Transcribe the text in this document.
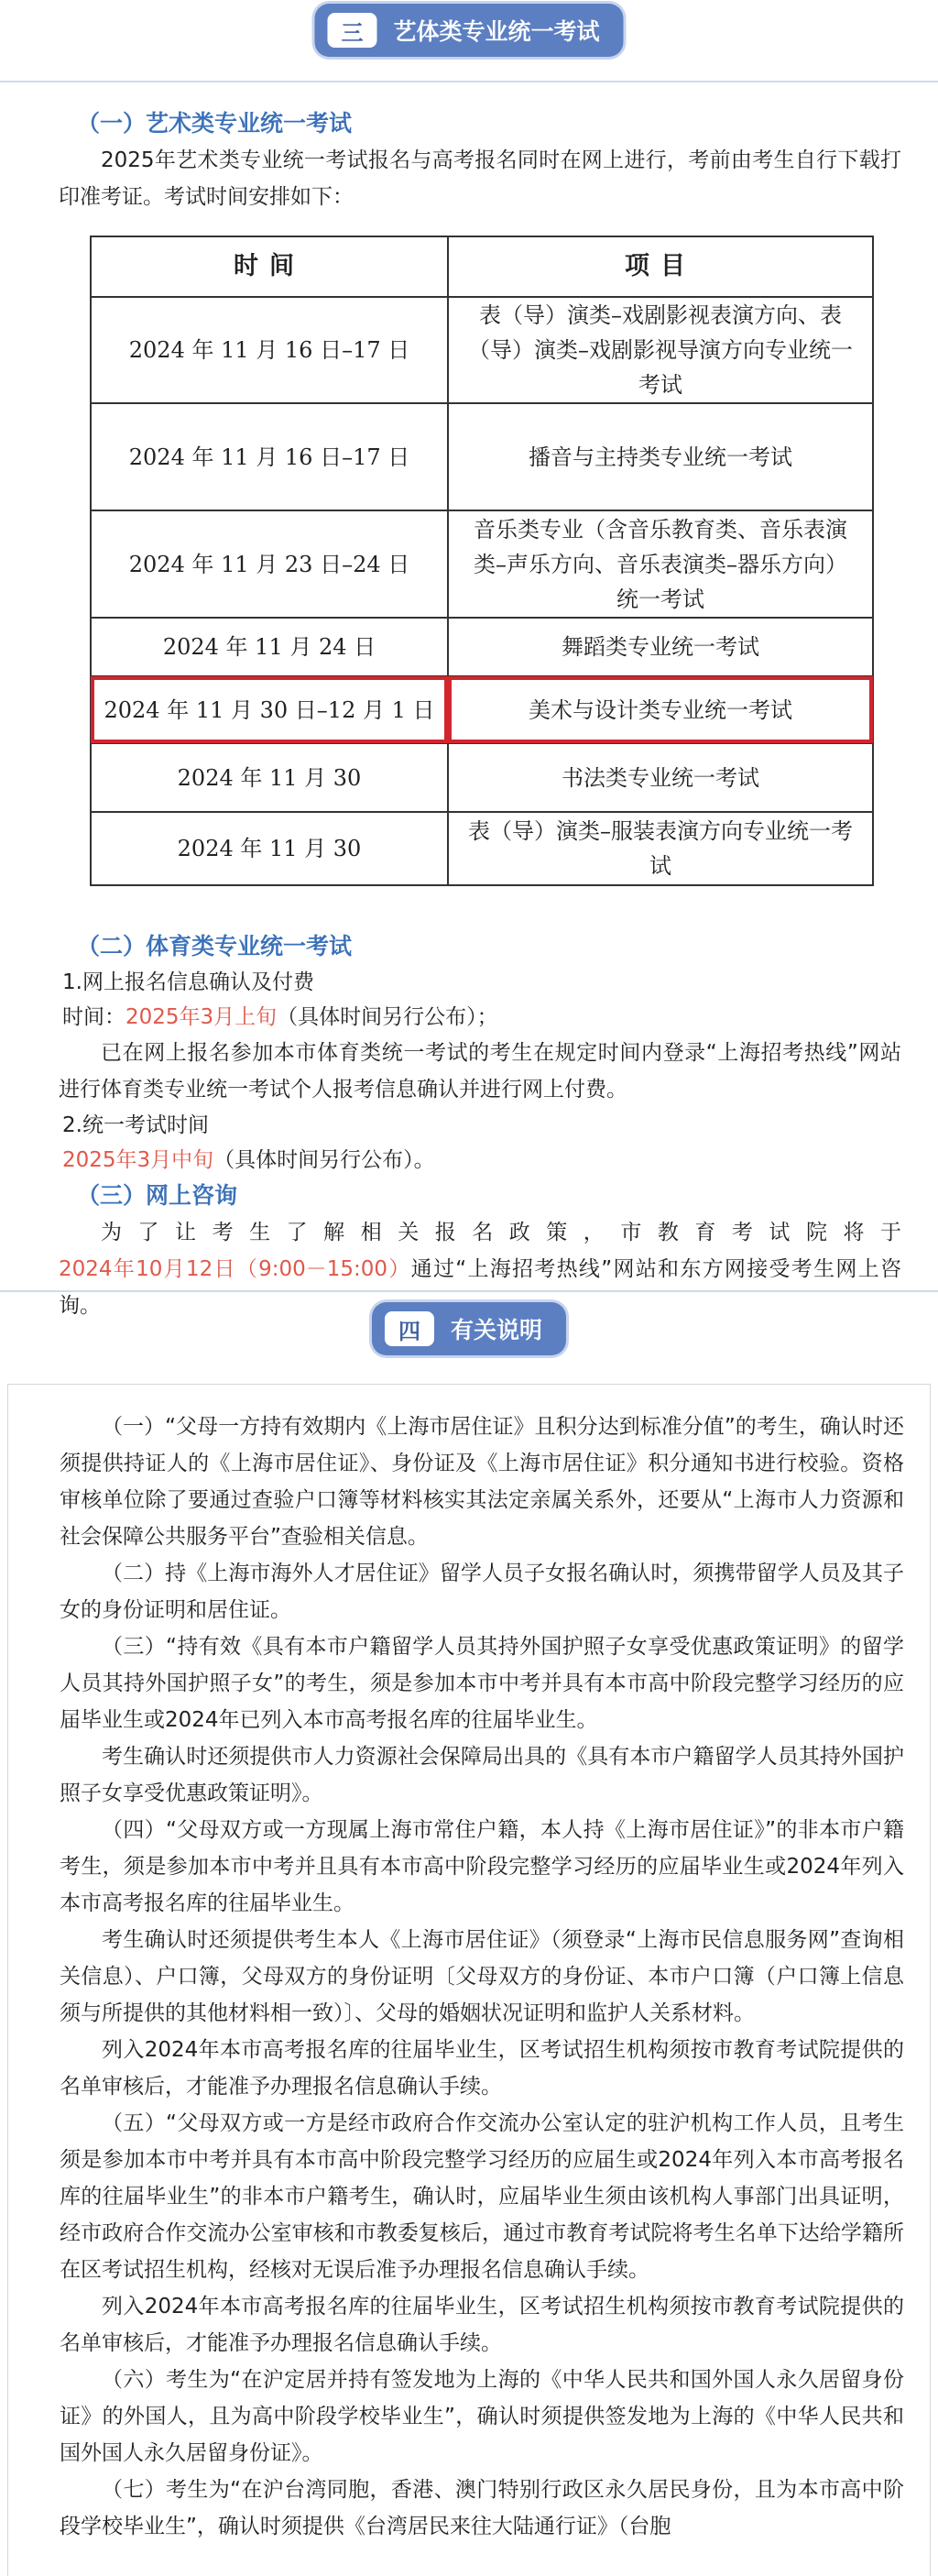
三	艺体类专业统一考试
（一）艺术类专业统一考试
2025年艺术类专业统一考试报名与高考报名同时在网上进行，考前由考生自行下载打印准考证。考试时间安排如下：
时间	项目
2024 年 11 月 16 日–17 日	表（导）演类–戏剧影视表演方向、表（导）演类–戏剧影视导演方向专业统一考试
2024 年 11 月 16 日–17 日	播音与主持类专业统一考试
2024 年 11 月 23 日–24 日	音乐类专业（含音乐教育类、音乐表演类–声乐方向、音乐表演类–器乐方向）统一考试
2024 年 11 月 24 日	舞蹈类专业统一考试
2024 年 11 月 30 日–12 月 1 日	美术与设计类专业统一考试
2024 年 11 月 30	书法类专业统一考试
2024 年 11 月 30	表（导）演类–服装表演方向专业统一考试
（二）体育类专业统一考试
1.网上报名信息确认及付费
时间：2025年3月上旬（具体时间另行公布）；
已在网上报名参加本市体育类统一考试的考生在规定时间内登录“上海招考热线”网站进行体育类专业统一考试个人报考信息确认并进行网上付费。
2.统一考试时间
2025年3月中旬（具体时间另行公布）。
（三）网上咨询
为了让考生了解相关报名政策，市教育考试院将于2024年10月12日（9:00－15:00）通过“上海招考热线”网站和东方网接受考生网上咨询。
四	有关说明
（一）“父母一方持有效期内《上海市居住证》且积分达到标准分值”的考生，确认时还须提供持证人的《上海市居住证》、身份证及《上海市居住证》积分通知书进行校验。资格审核单位除了要通过查验户口簿等材料核实其法定亲属关系外，还要从“上海市人力资源和社会保障公共服务平台”查验相关信息。
（二）持《上海市海外人才居住证》留学人员子女报名确认时，须携带留学人员及其子女的身份证明和居住证。
（三）“持有效《具有本市户籍留学人员其持外国护照子女享受优惠政策证明》的留学人员其持外国护照子女”的考生，须是参加本市中考并具有本市高中阶段完整学习经历的应届毕业生或2024年已列入本市高考报名库的往届毕业生。
考生确认时还须提供市人力资源社会保障局出具的《具有本市户籍留学人员其持外国护照子女享受优惠政策证明》。
（四）“父母双方或一方现属上海市常住户籍，本人持《上海市居住证》”的非本市户籍考生，须是参加本市中考并且具有本市高中阶段完整学习经历的应届毕业生或2024年列入本市高考报名库的往届毕业生。
考生确认时还须提供考生本人《上海市居住证》（须登录“上海市民信息服务网”查询相关信息）、户口簿，父母双方的身份证明〔父母双方的身份证、本市户口簿（户口簿上信息须与所提供的其他材料相一致）〕、父母的婚姻状况证明和监护人关系材料。
列入2024年本市高考报名库的往届毕业生，区考试招生机构须按市教育考试院提供的名单审核后，才能准予办理报名信息确认手续。
（五）“父母双方或一方是经市政府合作交流办公室认定的驻沪机构工作人员，且考生须是参加本市中考并具有本市高中阶段完整学习经历的应届生或2024年列入本市高考报名库的往届毕业生”的非本市户籍考生，确认时，应届毕业生须由该机构人事部门出具证明，经市政府合作交流办公室审核和市教委复核后，通过市教育考试院将考生名单下达给学籍所在区考试招生机构，经核对无误后准予办理报名信息确认手续。
列入2024年本市高考报名库的往届毕业生，区考试招生机构须按市教育考试院提供的名单审核后，才能准予办理报名信息确认手续。
（六）考生为“在沪定居并持有签发地为上海的《中华人民共和国外国人永久居留身份证》的外国人，且为高中阶段学校毕业生”，确认时须提供签发地为上海的《中华人民共和国外国人永久居留身份证》。
（七）考生为“在沪台湾同胞，香港、澳门特别行政区永久居民身份，且为本市高中阶段学校毕业生”，确认时须提供《台湾居民来往大陆通行证》（台胞
